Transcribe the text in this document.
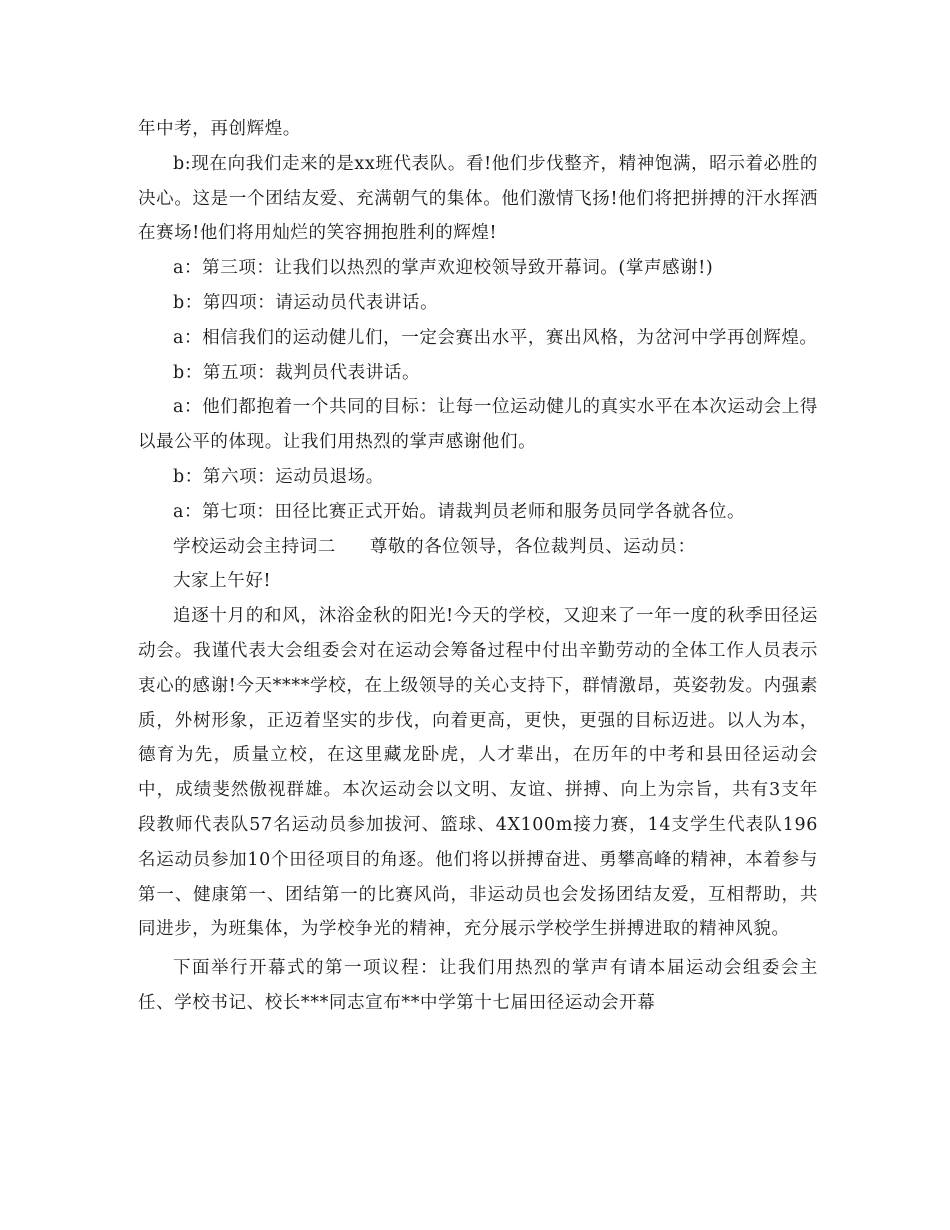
年中考，再创辉煌。

b:现在向我们走来的是xx班代表队。看!他们步伐整齐，精神饱满，昭示着必胜的决心。这是一个团结友爱、充满朝气的集体。他们激情飞扬!他们将把拼搏的汗水挥洒在赛场!他们将用灿烂的笑容拥抱胜利的辉煌!

a：第三项：让我们以热烈的掌声欢迎校领导致开幕词。(掌声感谢!)

b：第四项：请运动员代表讲话。

a：相信我们的运动健儿们，一定会赛出水平，赛出风格，为岔河中学再创辉煌。

b：第五项：裁判员代表讲话。

a：他们都抱着一个共同的目标：让每一位运动健儿的真实水平在本次运动会上得以最公平的体现。让我们用热烈的掌声感谢他们。

b：第六项：运动员退场。

a：第七项：田径比赛正式开始。请裁判员老师和服务员同学各就各位。

学校运动会主持词二 尊敬的各位领导，各位裁判员、运动员：

大家上午好!

追逐十月的和风，沐浴金秋的阳光!今天的学校，又迎来了一年一度的秋季田径运动会。我谨代表大会组委会对在运动会筹备过程中付出辛勤劳动的全体工作人员表示衷心的感谢!今天****学校，在上级领导的关心支持下，群情激昂，英姿勃发。内强素质，外树形象，正迈着坚实的步伐，向着更高，更快，更强的目标迈进。以人为本，德育为先，质量立校，在这里藏龙卧虎，人才辈出，在历年的中考和县田径运动会中，成绩斐然傲视群雄。本次运动会以文明、友谊、拼搏、向上为宗旨，共有3支年段教师代表队57名运动员参加拔河、篮球、4X100m接力赛，14支学生代表队196名运动员参加10个田径项目的角逐。他们将以拼搏奋进、勇攀高峰的精神，本着参与第一、健康第一、团结第一的比赛风尚，非运动员也会发扬团结友爱，互相帮助，共同进步，为班集体，为学校争光的精神，充分展示学校学生拼搏进取的精神风貌。

下面举行开幕式的第一项议程：让我们用热烈的掌声有请本届运动会组委会主任、学校书记、校长***同志宣布**中学第十七届田径运动会开幕
